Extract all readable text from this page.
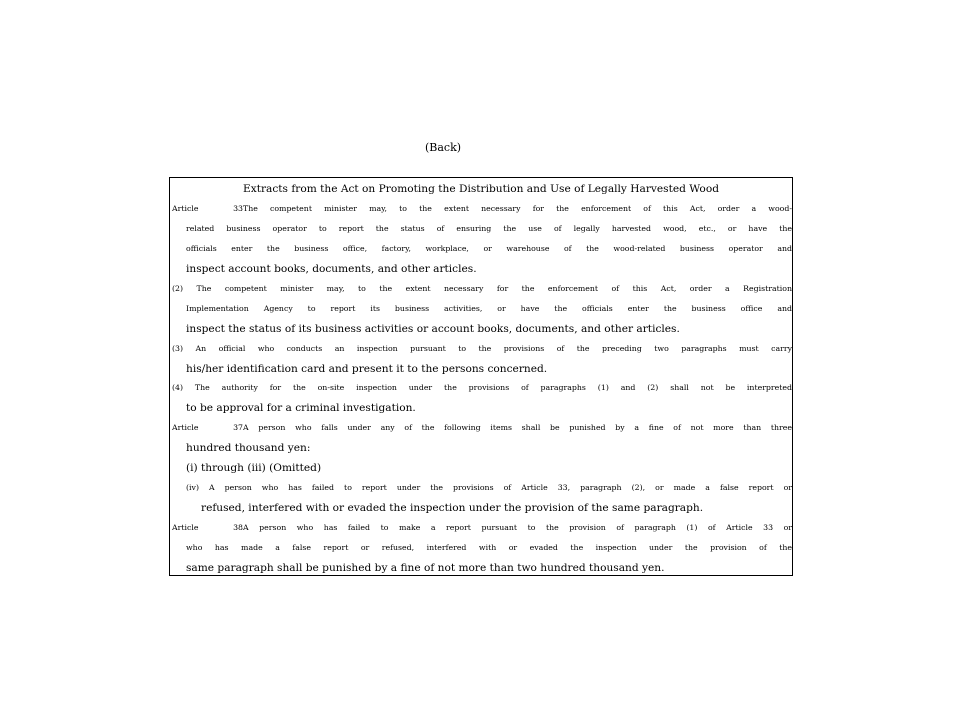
(Back)
Extracts from the Act on Promoting the Distribution and Use of Legally Harvested Wood
Article 33The competent minister may, to the extent necessary for the enforcement of this Act, order a wood-
related business operator to report the status of ensuring the use of legally harvested wood, etc., or have the
officials enter the business office, factory, workplace, or warehouse of the wood-related business operator and
inspect account books, documents, and other articles.
(2) The competent minister may, to the extent necessary for the enforcement of this Act, order a Registration
Implementation Agency to report its business activities, or have the officials enter the business office and
inspect the status of its business activities or account books, documents, and other articles.
(3) An official who conducts an inspection pursuant to the provisions of the preceding two paragraphs must carry
his/her identification card and present it to the persons concerned.
(4) The authority for the on-site inspection under the provisions of paragraphs (1) and (2) shall not be interpreted
to be approval for a criminal investigation.
Article 37A person who falls under any of the following items shall be punished by a fine of not more than three
hundred thousand yen:
(i) through (iii) (Omitted)
(iv) A person who has failed to report under the provisions of Article 33, paragraph (2), or made a false report or
refused, interfered with or evaded the inspection under the provision of the same paragraph.
Article 38A person who has failed to make a report pursuant to the provision of paragraph (1) of Article 33 or
who has made a false report or refused, interfered with or evaded the inspection under the provision of the
same paragraph shall be punished by a fine of not more than two hundred thousand yen.
